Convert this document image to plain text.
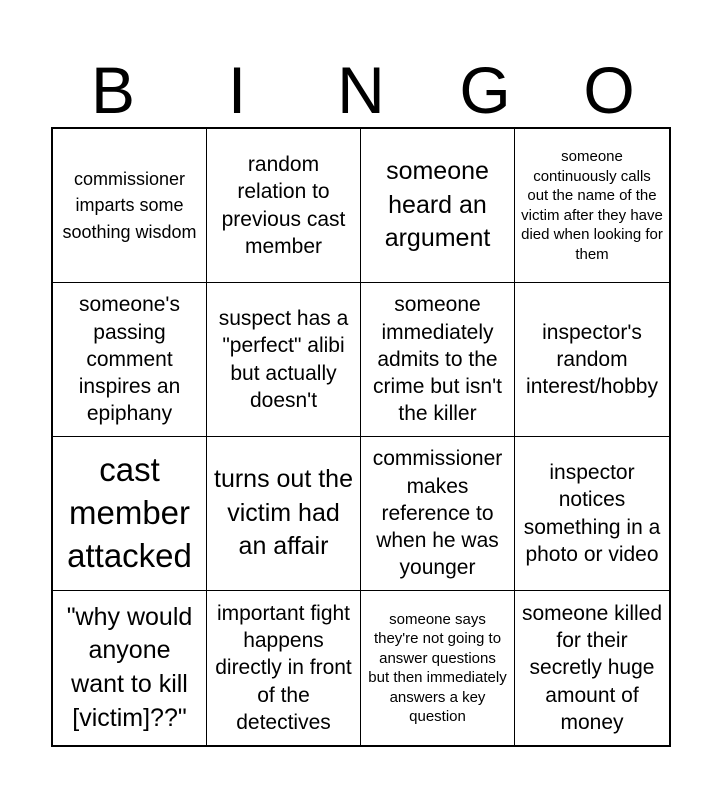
B	I	N	G	O
commissioner imparts some soothing wisdom
random relation to previous cast member
someone heard an argument
someone continuously calls out the name of the victim after they have died when looking for them
someone's passing comment inspires an epiphany
suspect has a "perfect" alibi but actually doesn't
someone immediately admits to the crime but isn't the killer
inspector's random interest/hobby
cast member attacked
turns out the victim had an affair
commissioner makes reference to when he was younger
inspector notices something in a photo or video
"why would anyone want to kill [victim]??"
important fight happens directly in front of the detectives
someone says they're not going to answer questions but then immediately answers a key question
someone killed for their secretly huge amount of money
